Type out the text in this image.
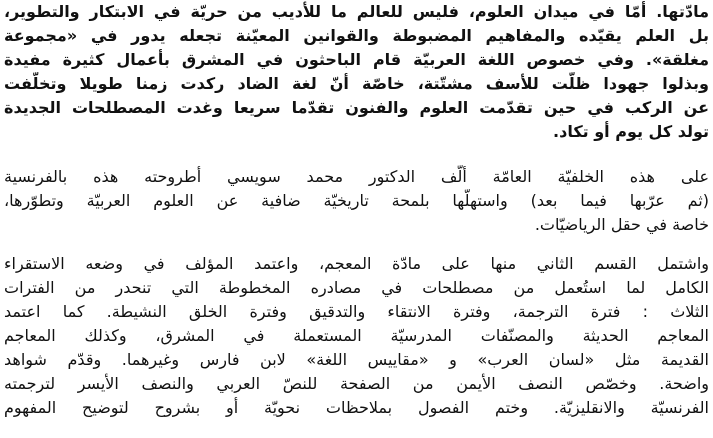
مادّتها. أمّا في ميدان العلوم، فليس للعالم ما للأديب من حريّة في الابتكار والتطوير،
بل العلم يقيّده والمفاهيم المضبوطة والقوانين المعيّنة تجعله يدور في «مجموعة
مغلقة». وفي خصوص اللغة العربيّة قام الباحثون في المشرق بأعمال كثيرة مفيدة
وبذلوا جهودا ظلّت للأسف مشتّتة، خاصّة أنّ لغة الضاد ركدت زمنا طويلا وتخلّفت
عن الركب في حين تقدّمت العلوم والفنون تقدّما سريعا وغدت المصطلحات الجديدة
تولد كل يوم أو تكاد.
على هذه الخلفيّة العامّة ألّف الدكتور محمد سويسي أطروحته هذه بالفرنسية
(ثم عرّبها فيما بعد) واستهلّها بلمحة تاريخيّة ضافية عن العلوم العربيّة وتطوّرها،
خاصة في حقل الرياضيّات.
واشتمل القسم الثاني منها على مادّة المعجم، واعتمد المؤلف في وضعه الاستقراء
الكامل لما استُعمل من مصطلحات في مصادره المخطوطة التي تنحدر من الفترات
الثلاث : فترة الترجمة، وفترة الانتقاء والتدقيق وفترة الخلق النشيطة. كما اعتمد
المعاجم الحديثة والمصنّفات المدرسيّة المستعملة في المشرق، وكذلك المعاجم
القديمة مثل «لسان العرب» و «مقاييس اللغة» لابن فارس وغيرهما. وقدّم شواهد
واضحة. وخصّص النصف الأيمن من الصفحة للنصّ العربي والنصف الأيسر لترجمته
الفرنسيّة والانقليزيّة. وختم الفصول بملاحظات نحويّة أو بشروح لتوضيح المفهوم
